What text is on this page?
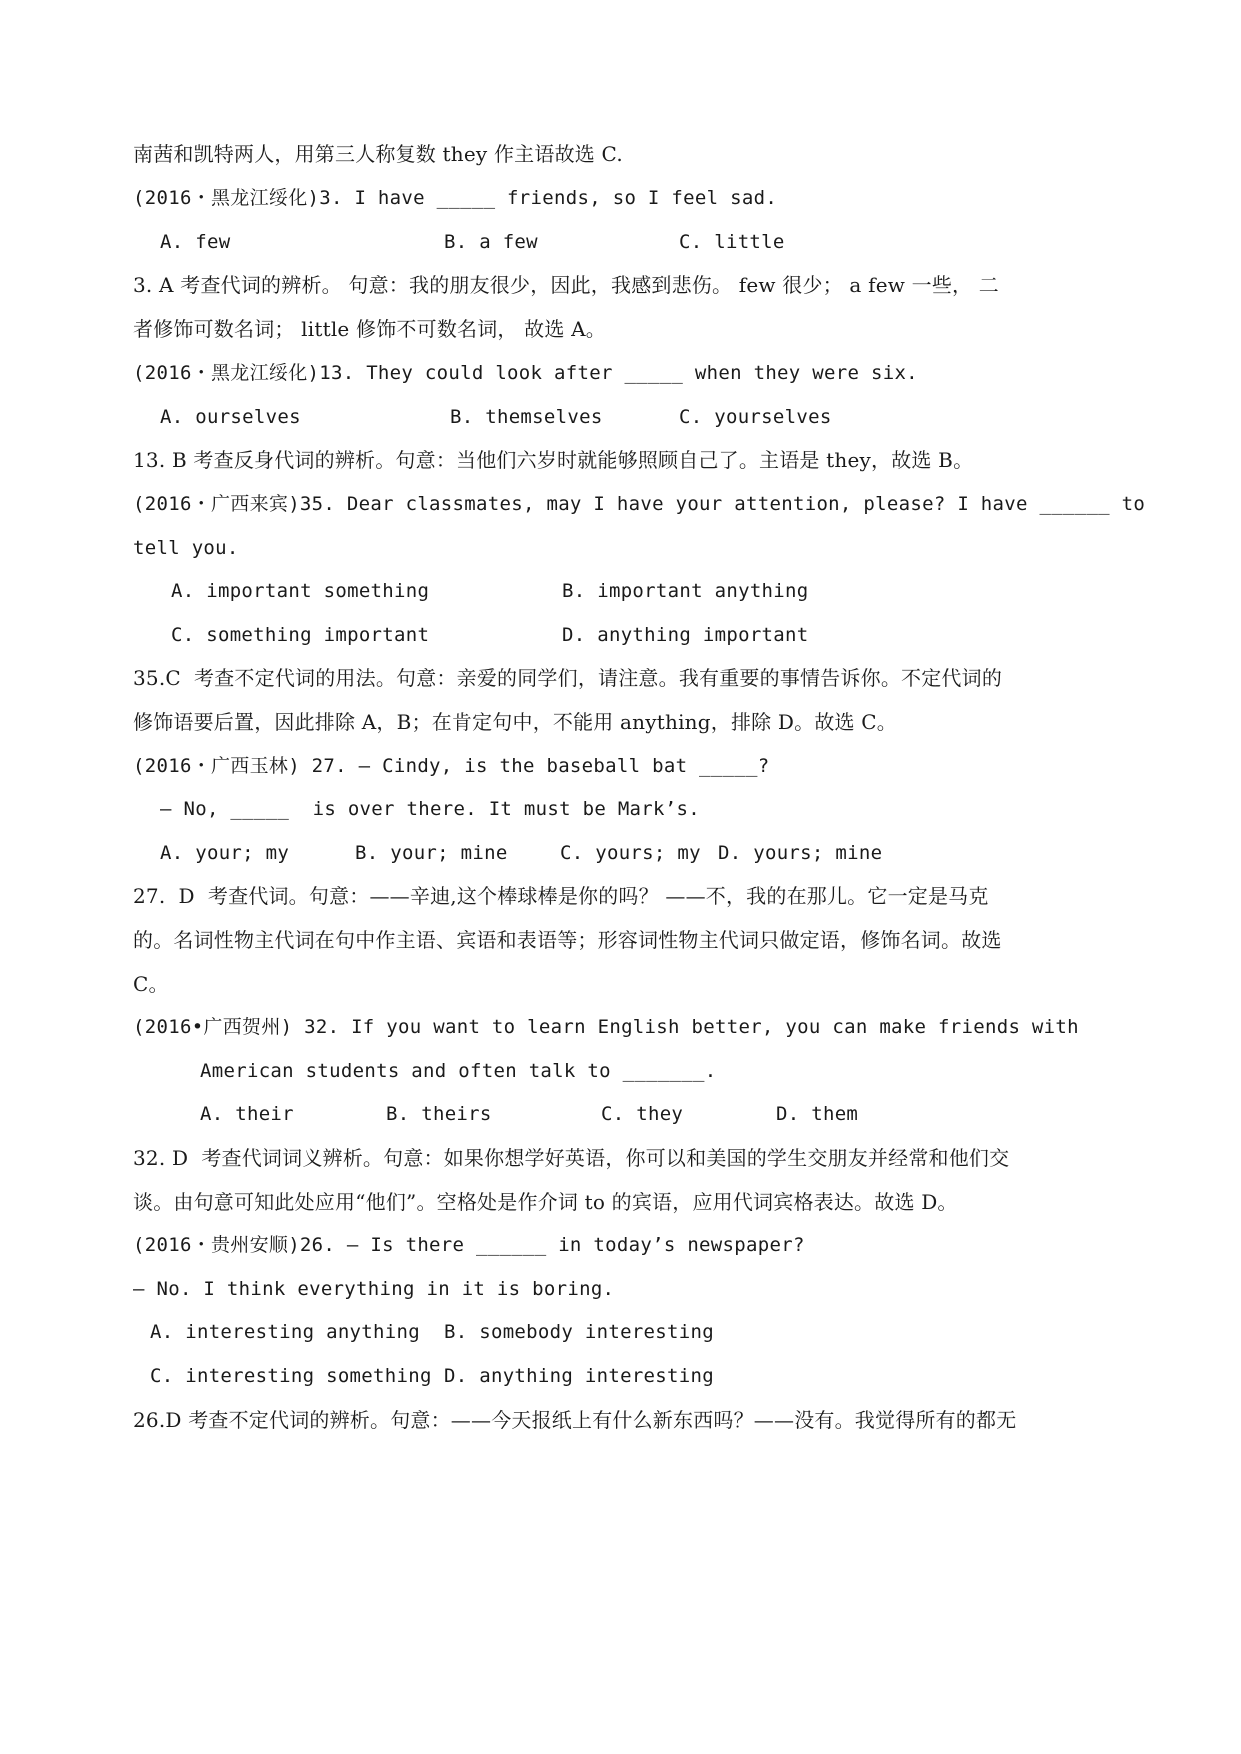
南茜和凯特两人，用第三人称复数 they 作主语故选 C.
(2016・黑龙江绥化)3. I have _____ friends, so I feel sad.
A. few	B. a few	C. little
3. A 考查代词的辨析。 句意：我的朋友很少，因此，我感到悲伤。 few 很少； a few 一些， 二
者修饰可数名词； little 修饰不可数名词， 故选 A。
(2016・黑龙江绥化)13. They could look after _____ when they were six.
A. ourselves	B. themselves	C. yourselves
13. B 考查反身代词的辨析。句意：当他们六岁时就能够照顾自己了。主语是 they，故选 B。
(2016・广西来宾)35. Dear classmates, may I have your attention, please? I have ______ to
tell you.
A. important something	B. important anything
C. something important	D. anything important
35.C  考查不定代词的用法。句意：亲爱的同学们，请注意。我有重要的事情告诉你。不定代词的
修饰语要后置，因此排除 A，B；在肯定句中，不能用 anything，排除 D。故选 C。
(2016・广西玉林) 27. — Cindy, is the baseball bat _____?
— No, _____  is over there. It must be Mark’s.
A. your; my	B. your; mine	C. yours; my D. yours; mine
27.  D  考查代词。句意：——辛迪,这个棒球棒是你的吗？ ——不，我的在那儿。它一定是马克
的。名词性物主代词在句中作主语、宾语和表语等；形容词性物主代词只做定语，修饰名词。故选
C。
(2016•广西贺州) 32. If you want to learn English better, you can make friends with
American students and often talk to _______.
A. their	B. theirs	C. they	D. them
32. D  考查代词词义辨析。句意：如果你想学好英语，你可以和美国的学生交朋友并经常和他们交
谈。由句意可知此处应用“他们”。空格处是作介词 to 的宾语，应用代词宾格表达。故选 D。
(2016・贵州安顺)26. — Is there ______ in today’s newspaper?
— No. I think everything in it is boring.
A. interesting anything B. somebody interesting
C. interesting something D. anything interesting
26.D 考查不定代词的辨析。句意：——今天报纸上有什么新东西吗？——没有。我觉得所有的都无
